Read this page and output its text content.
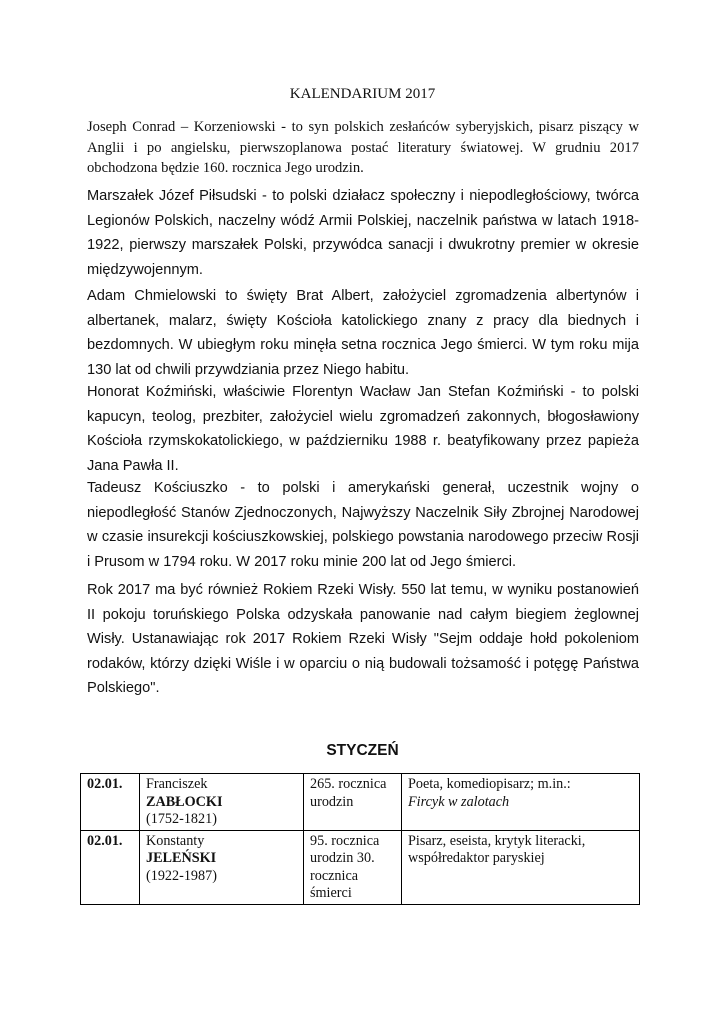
KALENDARIUM 2017

Joseph Conrad – Korzeniowski - to syn polskich zesłańców syberyjskich, pisarz piszący w Anglii i po angielsku, pierwszoplanowa postać literatury światowej. W grudniu 2017 obchodzona będzie 160. rocznica Jego urodzin.

Marszałek Józef Piłsudski - to polski działacz społeczny i niepodległościowy, twórca Legionów Polskich, naczelny wódź Armii Polskiej, naczelnik państwa w latach 1918-1922, pierwszy marszałek Polski, przywódca sanacji i dwukrotny premier w okresie międzywojennym.

Adam Chmielowski to święty Brat Albert, założyciel zgromadzenia albertynów i albertanek, malarz, święty Kościoła katolickiego znany z pracy dla biednych i bezdomnych. W ubiegłym roku minęła setna rocznica Jego śmierci. W tym roku mija 130 lat od chwili przywdziania przez Niego habitu.

Honorat Koźmiński, właściwie Florentyn Wacław Jan Stefan Koźmiński - to polski kapucyn, teolog, prezbiter, założyciel wielu zgromadzeń zakonnych, błogosławiony Kościoła rzymskokatolickiego, w październiku 1988 r. beatyfikowany przez papieża Jana Pawła II.

Tadeusz Kościuszko - to polski i amerykański generał, uczestnik wojny o niepodległość Stanów Zjednoczonych, Najwyższy Naczelnik Siły Zbrojnej Narodowej w czasie insurekcji kościuszkowskiej, polskiego powstania narodowego przeciw Rosji i Prusom w 1794 roku. W 2017 roku minie 200 lat od Jego śmierci.

Rok 2017 ma być również Rokiem Rzeki Wisły. 550 lat temu, w wyniku postanowień II pokoju toruńskiego Polska odzyskała panowanie nad całym biegiem żeglownej Wisły. Ustanawiając rok 2017 Rokiem Rzeki Wisły "Sejm oddaje hołd pokoleniom rodaków, którzy dzięki Wiśle i w oparciu o nią budowali tożsamość i potęgę Państwa Polskiego".

STYCZEŃ
02.01.	Franciszek
ZABŁOCKI
(1752-1821)	265. rocznica urodzin	Poeta, komediopisarz; m.in.:
Fircyk w zalotach
02.01.	Konstanty
JELEŃSKI
(1922-1987)	95. rocznica urodzin 30. rocznica śmierci	Pisarz, eseista, krytyk literacki, współredaktor paryskiej
